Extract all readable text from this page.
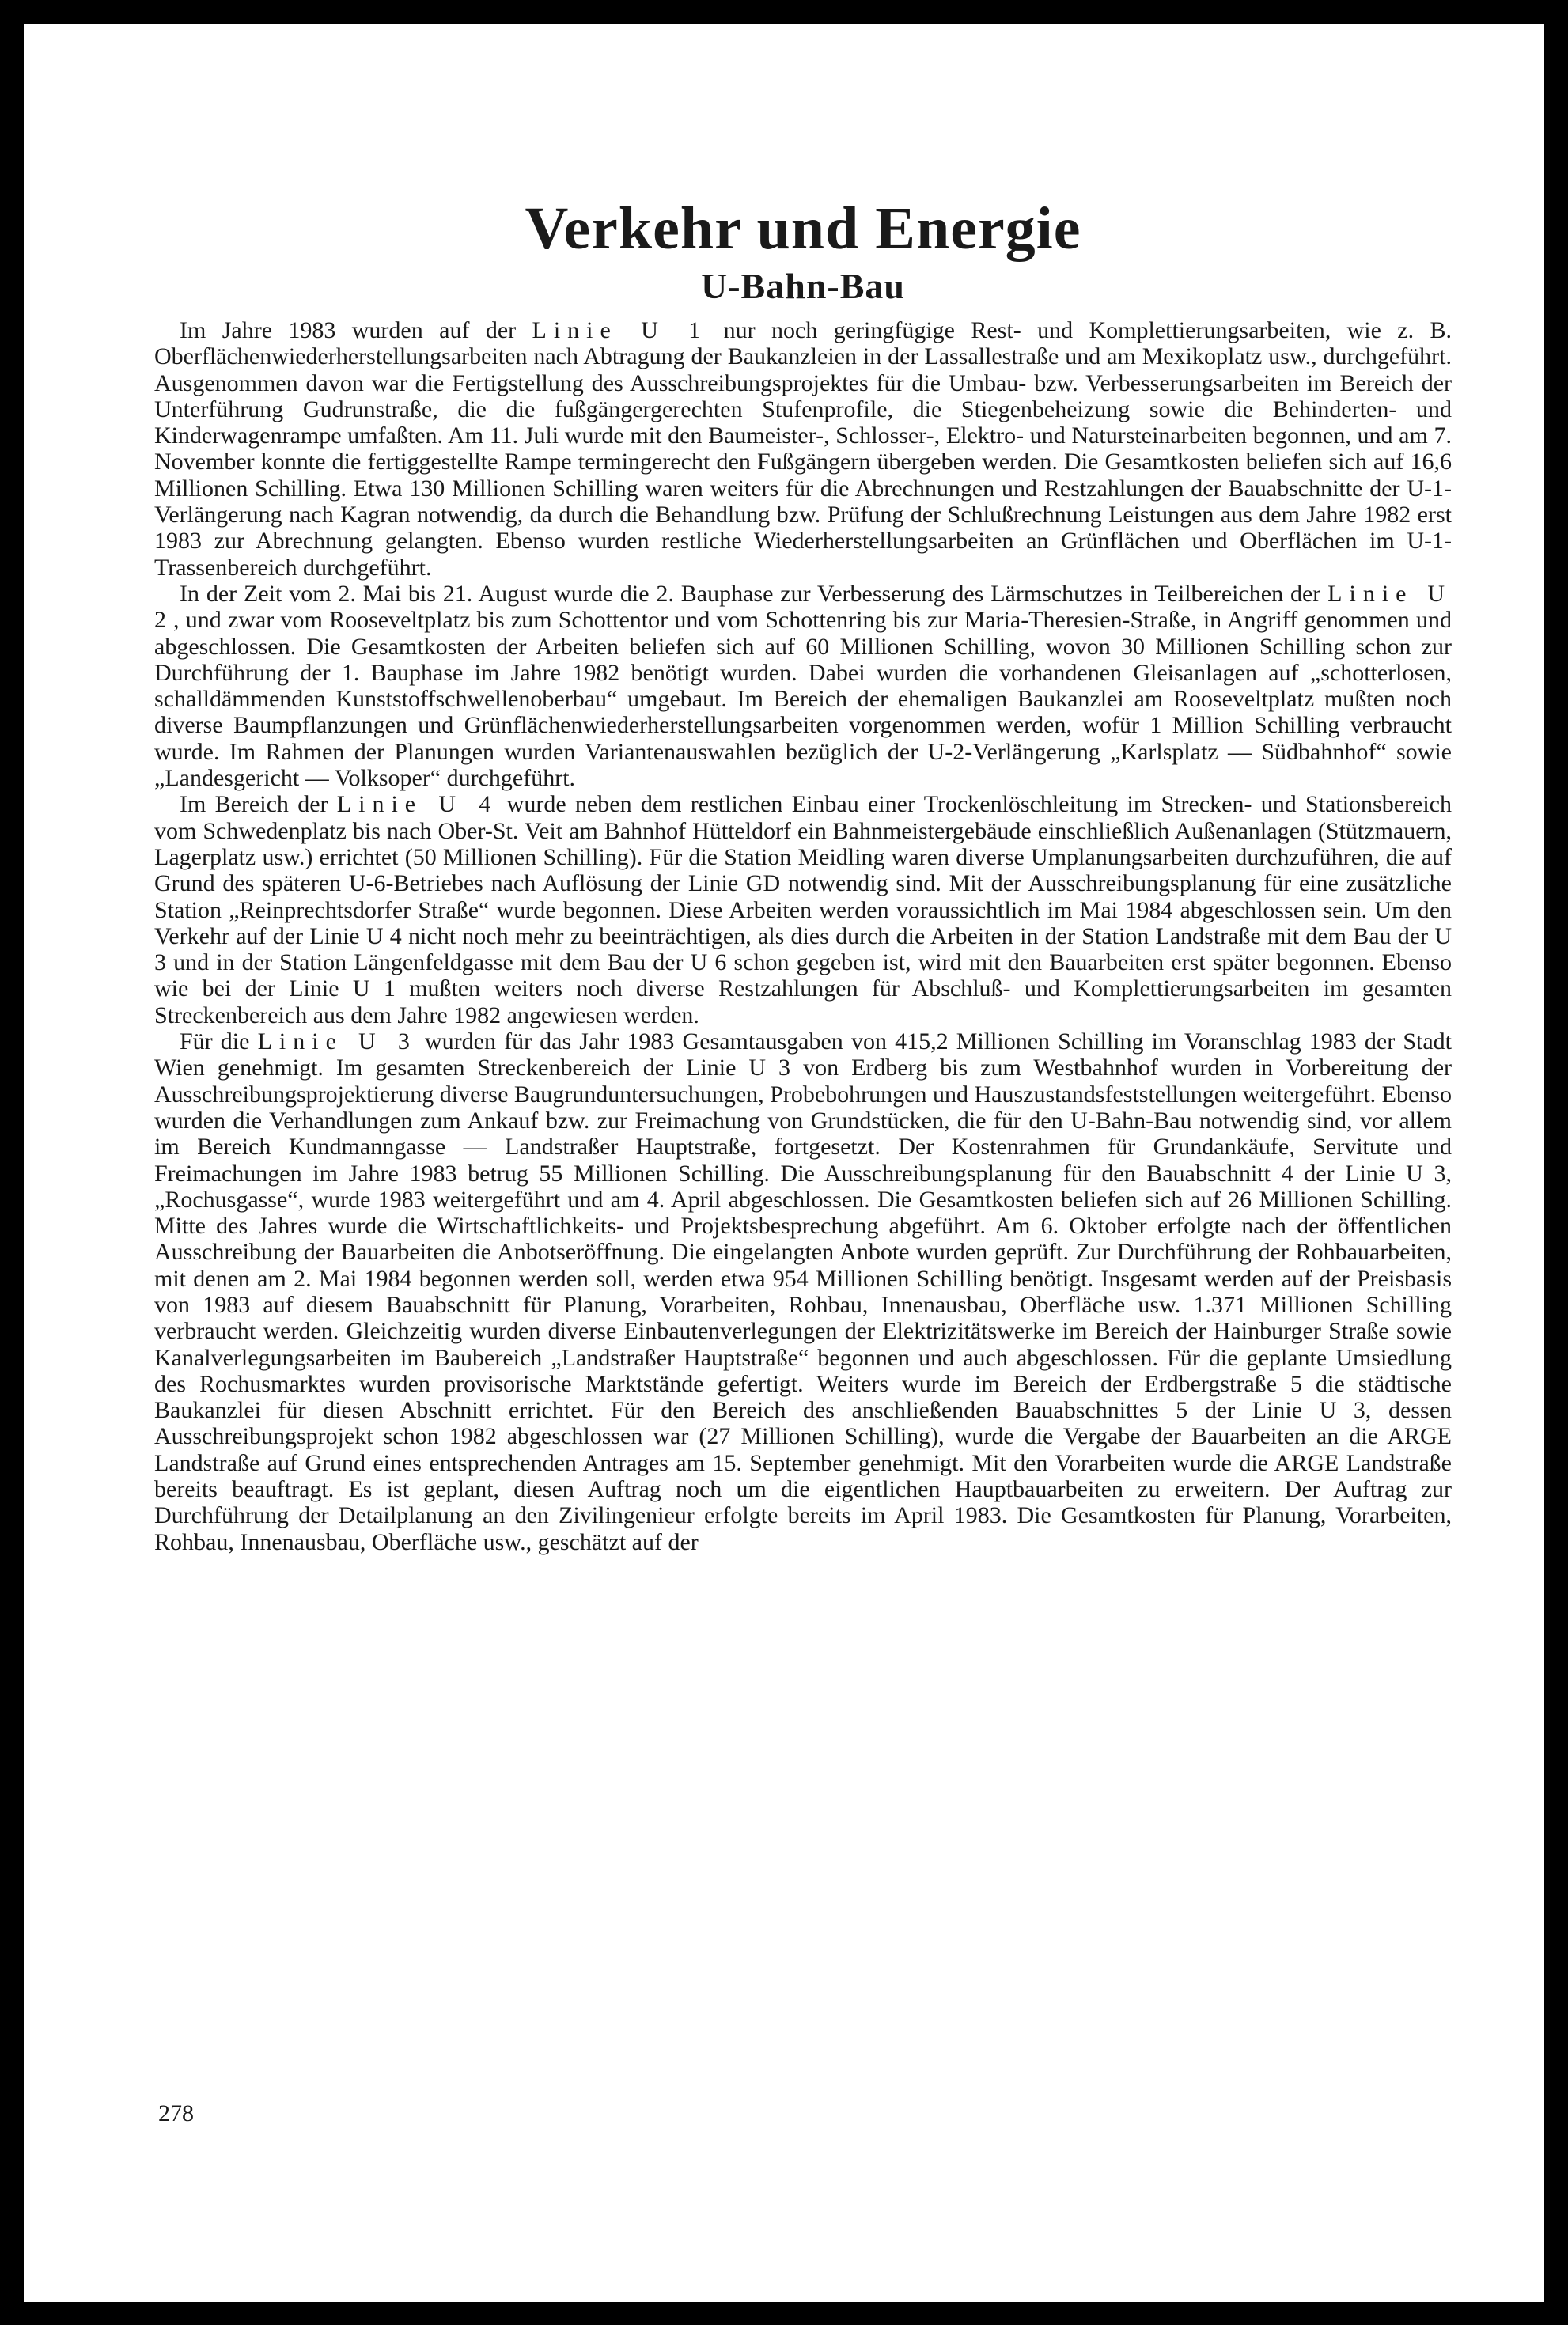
Verkehr und Energie
U-Bahn-Bau

Im Jahre 1983 wurden auf der Linie U 1 nur noch geringfügige Rest- und Komplettierungsarbeiten, wie z. B. Oberflächenwiederherstellungsarbeiten nach Abtragung der Baukanzleien in der Lassallestraße und am Mexikoplatz usw., durchgeführt. Ausgenommen davon war die Fertigstellung des Ausschreibungsprojektes für die Umbau- bzw. Verbesserungsarbeiten im Bereich der Unterführung Gudrunstraße, die die fußgängergerechten Stufenprofile, die Stiegenbeheizung sowie die Behinderten- und Kinderwagenrampe umfaßten. Am 11. Juli wurde mit den Baumeister-, Schlosser-, Elektro- und Natursteinarbeiten begonnen, und am 7. November konnte die fertiggestellte Rampe termingerecht den Fußgängern übergeben werden. Die Gesamtkosten beliefen sich auf 16,6 Millionen Schilling. Etwa 130 Millionen Schilling waren weiters für die Abrechnungen und Restzahlungen der Bauabschnitte der U-1-Verlängerung nach Kagran notwendig, da durch die Behandlung bzw. Prüfung der Schlußrechnung Leistungen aus dem Jahre 1982 erst 1983 zur Abrechnung gelangten. Ebenso wurden restliche Wiederherstellungsarbeiten an Grünflächen und Oberflächen im U-1-Trassenbereich durchgeführt.

In der Zeit vom 2. Mai bis 21. August wurde die 2. Bauphase zur Verbesserung des Lärmschutzes in Teilbereichen der Linie U 2, und zwar vom Rooseveltplatz bis zum Schottentor und vom Schottenring bis zur Maria-Theresien-Straße, in Angriff genommen und abgeschlossen. Die Gesamtkosten der Arbeiten beliefen sich auf 60 Millionen Schilling, wovon 30 Millionen Schilling schon zur Durchführung der 1. Bauphase im Jahre 1982 benötigt wurden. Dabei wurden die vorhandenen Gleisanlagen auf „schotterlosen, schalldämmenden Kunststoffschwellenoberbau“ umgebaut. Im Bereich der ehemaligen Baukanzlei am Rooseveltplatz mußten noch diverse Baumpflanzungen und Grünflächenwiederherstellungsarbeiten vorgenommen werden, wofür 1 Million Schilling verbraucht wurde. Im Rahmen der Planungen wurden Variantenauswahlen bezüglich der U-2-Verlängerung „Karlsplatz — Südbahnhof“ sowie „Landesgericht — Volksoper“ durchgeführt.

Im Bereich der Linie U 4 wurde neben dem restlichen Einbau einer Trockenlöschleitung im Strecken- und Stationsbereich vom Schwedenplatz bis nach Ober-St. Veit am Bahnhof Hütteldorf ein Bahnmeistergebäude einschließlich Außenanlagen (Stützmauern, Lagerplatz usw.) errichtet (50 Millionen Schilling). Für die Station Meidling waren diverse Umplanungsarbeiten durchzuführen, die auf Grund des späteren U-6-Betriebes nach Auflösung der Linie GD notwendig sind. Mit der Ausschreibungsplanung für eine zusätzliche Station „Reinprechtsdorfer Straße“ wurde begonnen. Diese Arbeiten werden voraussichtlich im Mai 1984 abgeschlossen sein. Um den Verkehr auf der Linie U 4 nicht noch mehr zu beeinträchtigen, als dies durch die Arbeiten in der Station Landstraße mit dem Bau der U 3 und in der Station Längenfeldgasse mit dem Bau der U 6 schon gegeben ist, wird mit den Bauarbeiten erst später begonnen. Ebenso wie bei der Linie U 1 mußten weiters noch diverse Restzahlungen für Abschluß- und Komplettierungsarbeiten im gesamten Streckenbereich aus dem Jahre 1982 angewiesen werden.

Für die Linie U 3 wurden für das Jahr 1983 Gesamtausgaben von 415,2 Millionen Schilling im Voranschlag 1983 der Stadt Wien genehmigt. Im gesamten Streckenbereich der Linie U 3 von Erdberg bis zum Westbahnhof wurden in Vorbereitung der Ausschreibungsprojektierung diverse Baugrunduntersuchungen, Probebohrungen und Hauszustandsfeststellungen weitergeführt. Ebenso wurden die Verhandlungen zum Ankauf bzw. zur Freimachung von Grundstücken, die für den U-Bahn-Bau notwendig sind, vor allem im Bereich Kundmanngasse — Landstraßer Hauptstraße, fortgesetzt. Der Kostenrahmen für Grundankäufe, Servitute und Freimachungen im Jahre 1983 betrug 55 Millionen Schilling. Die Ausschreibungsplanung für den Bauabschnitt 4 der Linie U 3, „Rochusgasse“, wurde 1983 weitergeführt und am 4. April abgeschlossen. Die Gesamtkosten beliefen sich auf 26 Millionen Schilling. Mitte des Jahres wurde die Wirtschaftlichkeits- und Projektsbesprechung abgeführt. Am 6. Oktober erfolgte nach der öffentlichen Ausschreibung der Bauarbeiten die Anbotseröffnung. Die eingelangten Anbote wurden geprüft. Zur Durchführung der Rohbauarbeiten, mit denen am 2. Mai 1984 begonnen werden soll, werden etwa 954 Millionen Schilling benötigt. Insgesamt werden auf der Preisbasis von 1983 auf diesem Bauabschnitt für Planung, Vorarbeiten, Rohbau, Innenausbau, Oberfläche usw. 1.371 Millionen Schilling verbraucht werden. Gleichzeitig wurden diverse Einbautenverlegungen der Elektrizitätswerke im Bereich der Hainburger Straße sowie Kanalverlegungsarbeiten im Baubereich „Landstraßer Hauptstraße“ begonnen und auch abgeschlossen. Für die geplante Umsiedlung des Rochusmarktes wurden provisorische Marktstände gefertigt. Weiters wurde im Bereich der Erdbergstraße 5 die städtische Baukanzlei für diesen Abschnitt errichtet. Für den Bereich des anschließenden Bauabschnittes 5 der Linie U 3, dessen Ausschreibungsprojekt schon 1982 abgeschlossen war (27 Millionen Schilling), wurde die Vergabe der Bauarbeiten an die ARGE Landstraße auf Grund eines entsprechenden Antrages am 15. September genehmigt. Mit den Vorarbeiten wurde die ARGE Landstraße bereits beauftragt. Es ist geplant, diesen Auftrag noch um die eigentlichen Hauptbauarbeiten zu erweitern. Der Auftrag zur Durchführung der Detailplanung an den Zivilingenieur erfolgte bereits im April 1983. Die Gesamtkosten für Planung, Vorarbeiten, Rohbau, Innenausbau, Oberfläche usw., geschätzt auf der

278
